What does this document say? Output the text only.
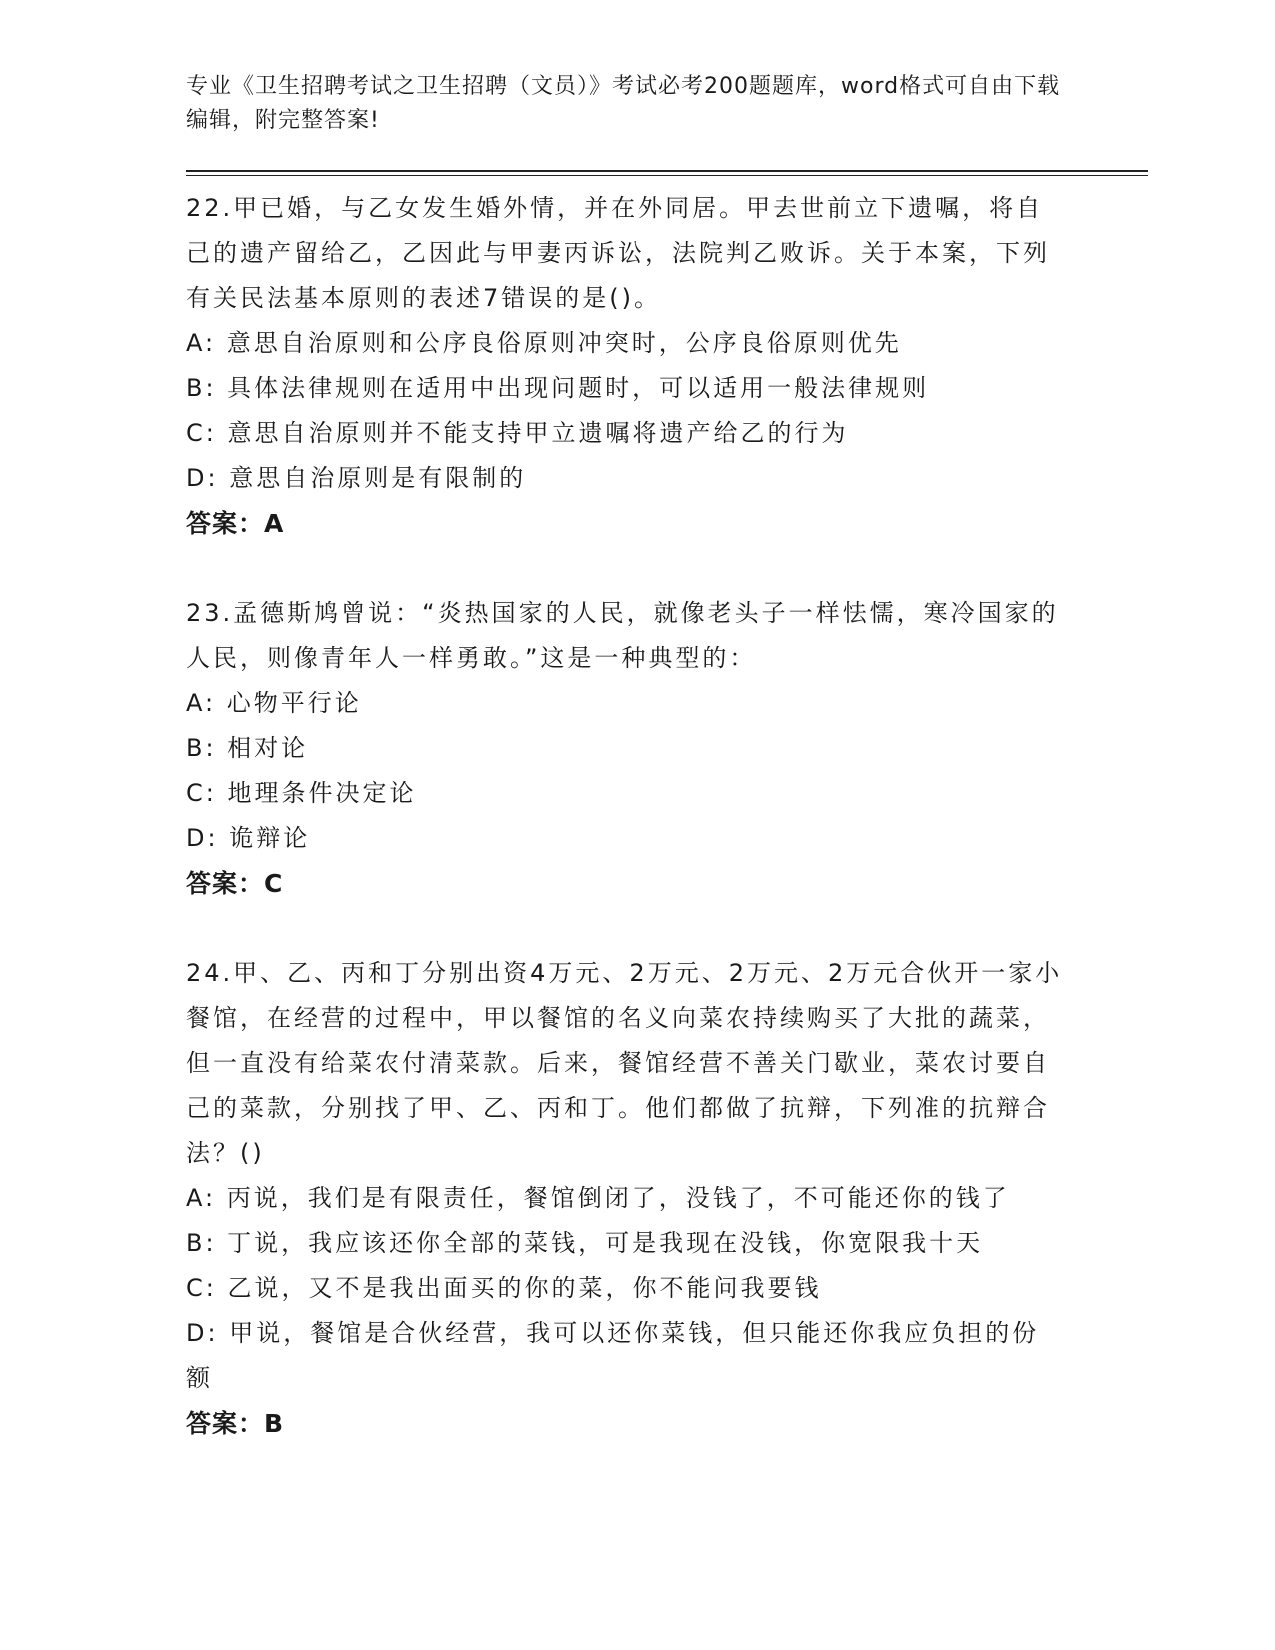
专业《卫生招聘考试之卫生招聘（文员）》考试必考200题题库，word格式可自由下载编辑，附完整答案!

22.甲已婚，与乙女发生婚外情，并在外同居。甲去世前立下遗嘱，将自己的遗产留给乙，乙因此与甲妻丙诉讼，法院判乙败诉。关于本案，下列有关民法基本原则的表述7错误的是()。

A: 意思自治原则和公序良俗原则冲突时，公序良俗原则优先

B: 具体法律规则在适用中出现问题时，可以适用一般法律规则

C: 意思自治原则并不能支持甲立遗嘱将遗产给乙的行为

D: 意思自治原则是有限制的

答案：A

23.孟德斯鸠曾说：“炎热国家的人民，就像老头子一样怯懦，寒冷国家的人民，则像青年人一样勇敢。”这是一种典型的：

A: 心物平行论

B: 相对论

C: 地理条件决定论

D: 诡辩论

答案：C

24.甲、乙、丙和丁分别出资4万元、2万元、2万元、2万元合伙开一家小餐馆，在经营的过程中，甲以餐馆的名义向菜农持续购买了大批的蔬菜，但一直没有给菜农付清菜款。后来，餐馆经营不善关门歇业，菜农讨要自己的菜款，分别找了甲、乙、丙和丁。他们都做了抗辩，下列准的抗辩合法？()

A: 丙说，我们是有限责任，餐馆倒闭了，没钱了，不可能还你的钱了

B: 丁说，我应该还你全部的菜钱，可是我现在没钱，你宽限我十天

C: 乙说，又不是我出面买的你的菜，你不能问我要钱

D: 甲说，餐馆是合伙经营，我可以还你菜钱，但只能还你我应负担的份额

答案：B
